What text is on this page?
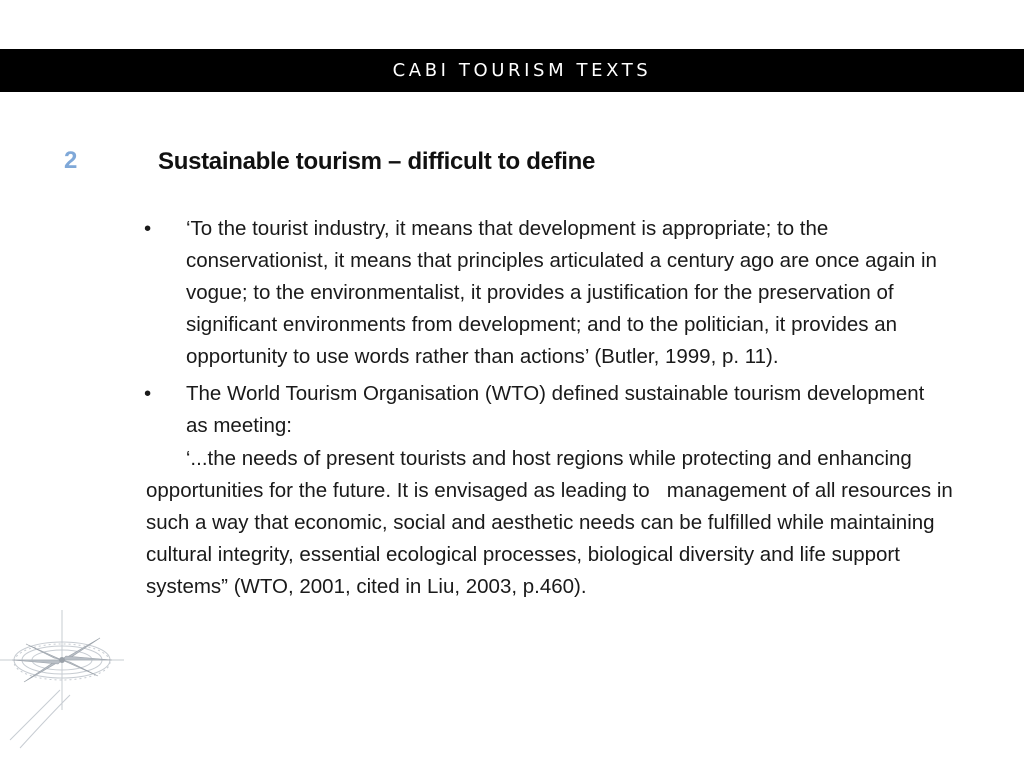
CABI TOURISM TEXTS
2	Sustainable tourism – difficult to define
•	‘To the tourist industry, it means that development is appropriate; to the conservationist, it means that principles articulated a century ago are once again in vogue; to the environmentalist, it provides a justification for the preservation of significant environments from development; and to the politician, it provides an opportunity to use words rather than actions’ (Butler, 1999, p. 11).
•	The World Tourism Organisation (WTO) defined sustainable tourism development as meeting:
‘...the needs of present tourists and host regions while protecting and enhancing opportunities for the future. It is envisaged as leading to   management of all resources in such a way that economic, social and aesthetic needs can be fulfilled while maintaining cultural integrity, essential ecological processes, biological diversity and life support      systems” (WTO, 2001, cited in Liu, 2003, p.460).
